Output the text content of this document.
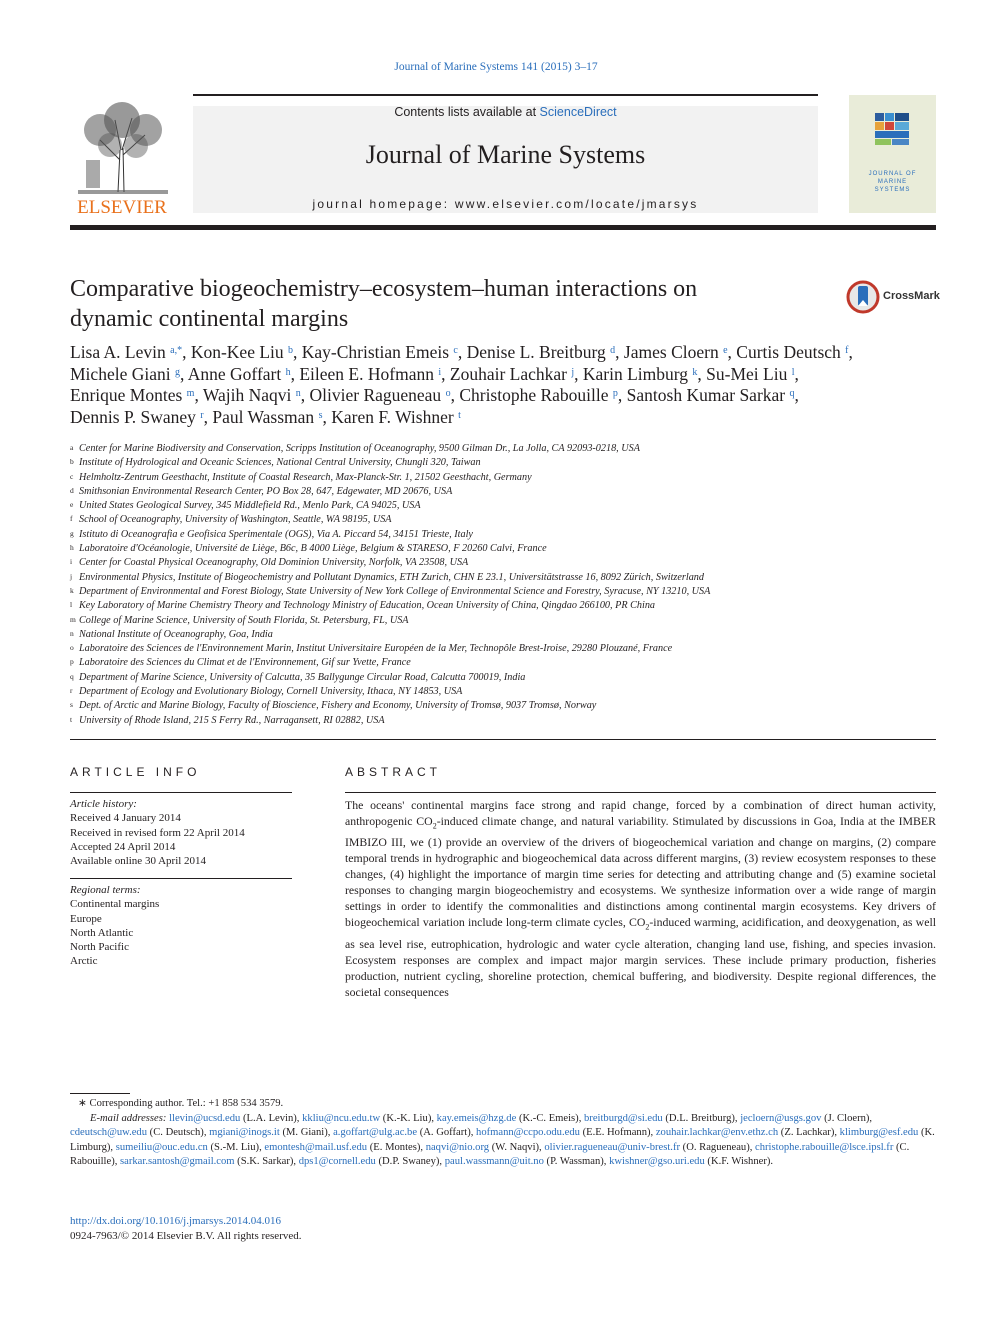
Journal of Marine Systems 141 (2015) 3–17
ELSEVIER
Contents lists available at ScienceDirect
Journal of Marine Systems
journal homepage: www.elsevier.com/locate/jmarsys
JOURNAL OF
MARINE
SYSTEMS
Comparative biogeochemistry–ecosystem–human interactions on
dynamic continental margins
CrossMark
Lisa A. Levin $^{a,*}$, Kon-Kee Liu $^b$, Kay-Christian Emeis $^c$, Denise L. Breitburg $^d$, James Cloern $^e$, Curtis Deutsch $^f$,
Michele Giani $^g$, Anne Goffart $^h$, Eileen E. Hofmann $^i$, Zouhair Lachkar $^j$, Karin Limburg $^k$, Su-Mei Liu $^l$,
Enrique Montes $^m$, Wajih Naqvi $^n$, Olivier Ragueneau $^o$, Christophe Rabouille $^p$, Santosh Kumar Sarkar $^q$,
Dennis P. Swaney $^r$, Paul Wassman $^s$, Karen F. Wishner $^t$
$^a$ Center for Marine Biodiversity and Conservation, Scripps Institution of Oceanography, 9500 Gilman Dr., La Jolla, CA 92093-0218, USA
$^b$ Institute of Hydrological and Oceanic Sciences, National Central University, Chungli 320, Taiwan
$^c$ Helmholtz-Zentrum Geesthacht, Institute of Coastal Research, Max-Planck-Str. 1, 21502 Geesthacht, Germany
$^d$ Smithsonian Environmental Research Center, PO Box 28, 647, Edgewater, MD 20676, USA
$^e$ United States Geological Survey, 345 Middlefield Rd., Menlo Park, CA 94025, USA
$^f$ School of Oceanography, University of Washington, Seattle, WA 98195, USA
$^g$ Istituto di Oceanografia e Geofisica Sperimentale (OGS), Via A. Piccard 54, 34151 Trieste, Italy
$^h$ Laboratoire d'Océanologie, Université de Liège, B6c, B 4000 Liège, Belgium & STARESO, F 20260 Calvi, France
$^i$ Center for Coastal Physical Oceanography, Old Dominion University, Norfolk, VA 23508, USA
$^j$ Environmental Physics, Institute of Biogeochemistry and Pollutant Dynamics, ETH Zurich, CHN E 23.1, Universitätstrasse 16, 8092 Zürich, Switzerland
$^k$ Department of Environmental and Forest Biology, State University of New York College of Environmental Science and Forestry, Syracuse, NY 13210, USA
$^l$ Key Laboratory of Marine Chemistry Theory and Technology Ministry of Education, Ocean University of China, Qingdao 266100, PR China
$^m$ College of Marine Science, University of South Florida, St. Petersburg, FL, USA
$^n$ National Institute of Oceanography, Goa, India
$^o$ Laboratoire des Sciences de l'Environnement Marin, Institut Universitaire Européen de la Mer, Technopôle Brest-Iroise, 29280 Plouzané, France
$^p$ Laboratoire des Sciences du Climat et de l'Environnement, Gif sur Yvette, France
$^q$ Department of Marine Science, University of Calcutta, 35 Ballygunge Circular Road, Calcutta 700019, India
$^r$ Department of Ecology and Evolutionary Biology, Cornell University, Ithaca, NY 14853, USA
$^s$ Dept. of Arctic and Marine Biology, Faculty of Bioscience, Fishery and Economy, University of Tromsø, 9037 Tromsø, Norway
$^t$ University of Rhode Island, 215 S Ferry Rd., Narragansett, RI 02882, USA
ARTICLE INFO	ABSTRACT
Article history:
Received 4 January 2014
Received in revised form 22 April 2014
Accepted 24 April 2014
Available online 30 April 2014
Regional terms:
Continental margins
Europe
North Atlantic
North Pacific
Arctic
The oceans' continental margins face strong and rapid change, forced by a combination of direct human activity, anthropogenic $CO_2$-induced climate change, and natural variability. Stimulated by discussions in Goa, India at the IMBER IMBIZO III, we (1) provide an overview of the drivers of biogeochemical variation and change on margins, (2) compare temporal trends in hydrographic and biogeochemical data across different margins, (3) review ecosystem responses to these changes, (4) highlight the importance of margin time series for detecting and attributing change and (5) examine societal responses to changing margin biogeochemistry and ecosystems. We synthesize information over a wide range of margin settings in order to identify the commonalities and distinctions among continental margin ecosystems. Key drivers of biogeochemical variation include long-term climate cycles, $CO_2$-induced warming, acidification, and deoxygenation, as well as sea level rise, eutrophication, hydrologic and water cycle alteration, changing land use, fishing, and species invasion. Ecosystem responses are complex and impact major margin services. These include primary production, fisheries production, nutrient cycling, shoreline protection, chemical buffering, and biodiversity. Despite regional differences, the societal consequences
∗ Corresponding author. Tel.: +1 858 534 3579.
E-mail addresses: llevin@ucsd.edu (L.A. Levin), kkliu@ncu.edu.tw (K.-K. Liu), kay.emeis@hzg.de (K.-C. Emeis), breitburgd@si.edu (D.L. Breitburg), jecloern@usgs.gov (J. Cloern), cdeutsch@uw.edu (C. Deutsch), mgiani@inogs.it (M. Giani), a.goffart@ulg.ac.be (A. Goffart), hofmann@ccpo.odu.edu (E.E. Hofmann), zouhair.lachkar@env.ethz.ch (Z. Lachkar), klimburg@esf.edu (K. Limburg), sumeiliu@ouc.edu.cn (S.-M. Liu), emontesh@mail.usf.edu (E. Montes), naqvi@nio.org (W. Naqvi), olivier.ragueneau@univ-brest.fr (O. Ragueneau), christophe.rabouille@lsce.ipsl.fr (C. Rabouille), sarkar.santosh@gmail.com (S.K. Sarkar), dps1@cornell.edu (D.P. Swaney), paul.wassmann@uit.no (P. Wassman), kwishner@gso.uri.edu (K.F. Wishner).
http://dx.doi.org/10.1016/j.jmarsys.2014.04.016
0924-7963/© 2014 Elsevier B.V. All rights reserved.
